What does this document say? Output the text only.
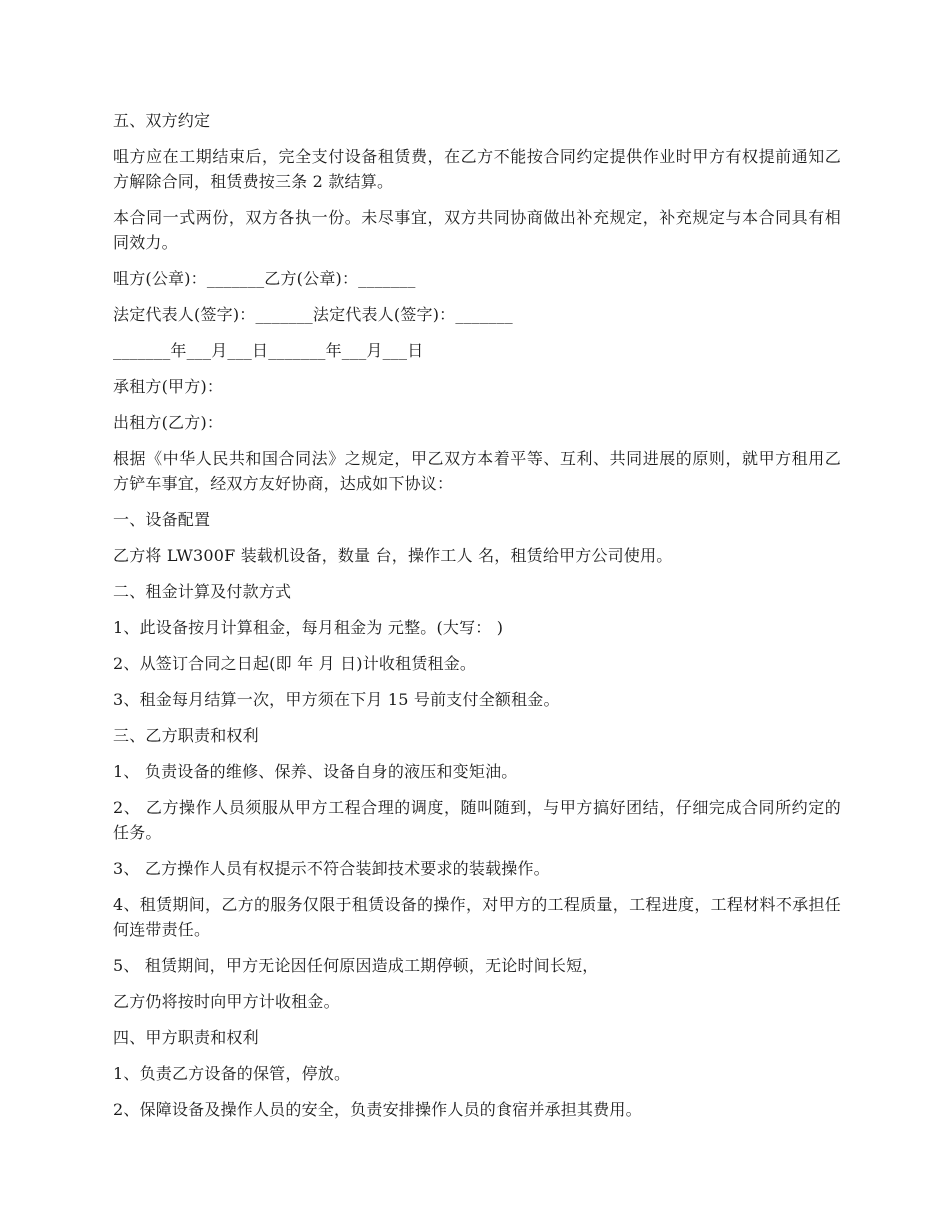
五、双方约定

咀方应在工期结束后，完全支付设备租赁费，在乙方不能按合同约定提供作业时甲方有权提前通知乙方解除合同，租赁费按三条 2 款结算。

本合同一式两份，双方各执一份。未尽事宜，双方共同协商做出补充规定，补充规定与本合同具有相同效力。

咀方(公章)：_______乙方(公章)：_______

法定代表人(签字)：_______法定代表人(签字)：_______

_______年___月___日_______年___月___日

承租方(甲方)：

出租方(乙方)：

根据《中华人民共和国合同法》之规定，甲乙双方本着平等、互利、共同进展的原则，就甲方租用乙方铲车事宜，经双方友好协商，达成如下协议：

一、设备配置

乙方将 LW300F 装载机设备，数量 台，操作工人 名，租赁给甲方公司使用。

二、租金计算及付款方式

1、此设备按月计算租金，每月租金为 元整。(大写： )

2、从签订合同之日起(即 年 月 日)计收租赁租金。

3、租金每月结算一次，甲方须在下月 15 号前支付全额租金。

三、乙方职责和权利

1、 负责设备的维修、保养、设备自身的液压和变矩油。

2、 乙方操作人员须服从甲方工程合理的调度，随叫随到，与甲方搞好团结，仔细完成合同所约定的任务。

3、 乙方操作人员有权提示不符合装卸技术要求的装载操作。

4、租赁期间，乙方的服务仅限于租赁设备的操作，对甲方的工程质量，工程进度，工程材料不承担任何连带责任。

5、 租赁期间，甲方无论因任何原因造成工期停顿，无论时间长短，

乙方仍将按时向甲方计收租金。

四、甲方职责和权利

1、负责乙方设备的保管，停放。

2、保障设备及操作人员的安全，负责安排操作人员的食宿并承担其费用。
